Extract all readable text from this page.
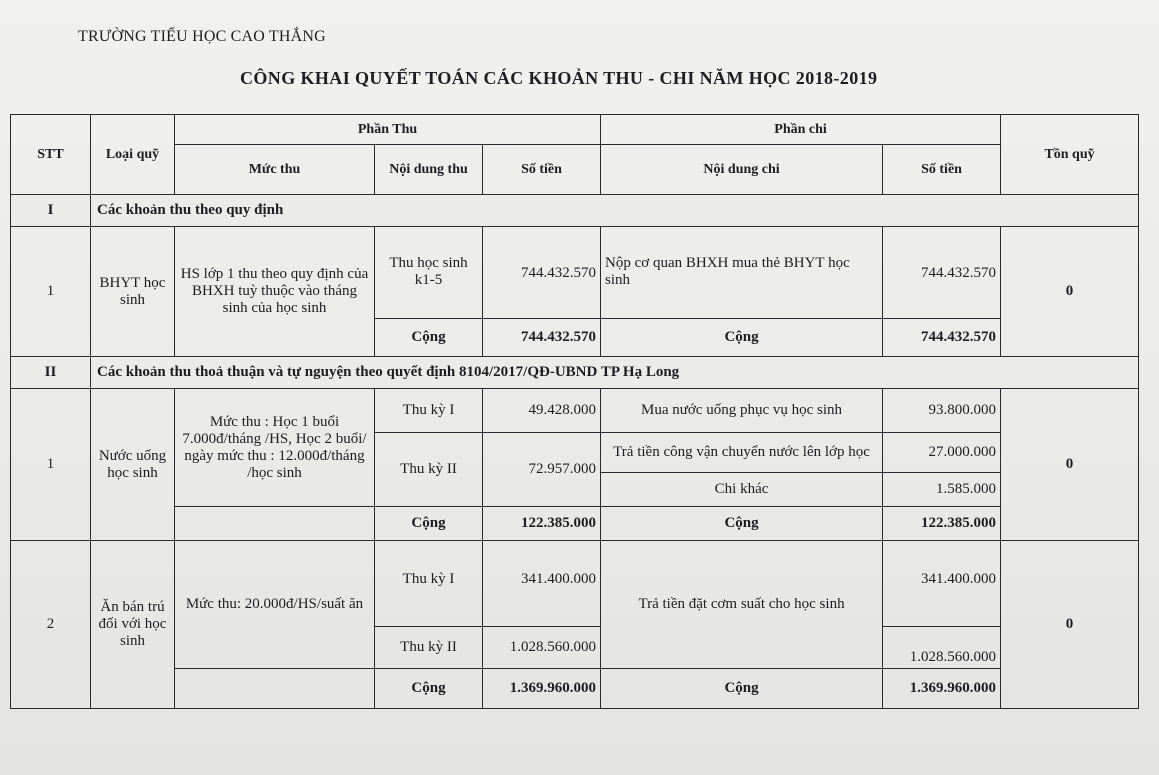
TRƯỜNG TIỂU HỌC CAO THẮNG
CÔNG KHAI QUYẾT TOÁN CÁC KHOẢN THU - CHI NĂM HỌC 2018-2019
STT	Loại quỹ	Phần Thu			Phần chi		Tồn quỹ
		Mức thu	Nội dung thu	Số tiền	Nội dung chi	Số tiền	
I	Các khoản thu theo quy định						
1	BHYT học sinh	HS lớp 1 thu theo quy định của BHXH tuỳ thuộc vào tháng sinh của học sinh	Thu học sinh k1-5	744.432.570	Nộp cơ quan BHXH mua thẻ BHYT học sinh	744.432.570	0
			Cộng	744.432.570	Cộng	744.432.570	
II	Các khoản thu thoả thuận và tự nguyện theo quyết định 8104/2017/QĐ-UBND TP Hạ Long						
1	Nước uống học sinh	Mức thu : Học 1 buổi 7.000đ/tháng /HS, Học 2 buổi/ ngày mức thu : 12.000đ/tháng /học sinh	Thu kỳ I	49.428.000	Mua nước uống phục vụ học sinh	93.800.000	0
			Thu kỳ II	72.957.000	Trả tiền công vận chuyển nước lên lớp học	27.000.000	
					Chi khác	1.585.000	
			Cộng	122.385.000	Cộng	122.385.000	
2	Ăn bán trú đối với học sinh	Mức thu: 20.000đ/HS/suất ăn	Thu kỳ I	341.400.000	Trả tiền đặt cơm suất cho học sinh	341.400.000	0
			Thu kỳ II	1.028.560.000		1.028.560.000	
			Cộng	1.369.960.000	Cộng	1.369.960.000	
